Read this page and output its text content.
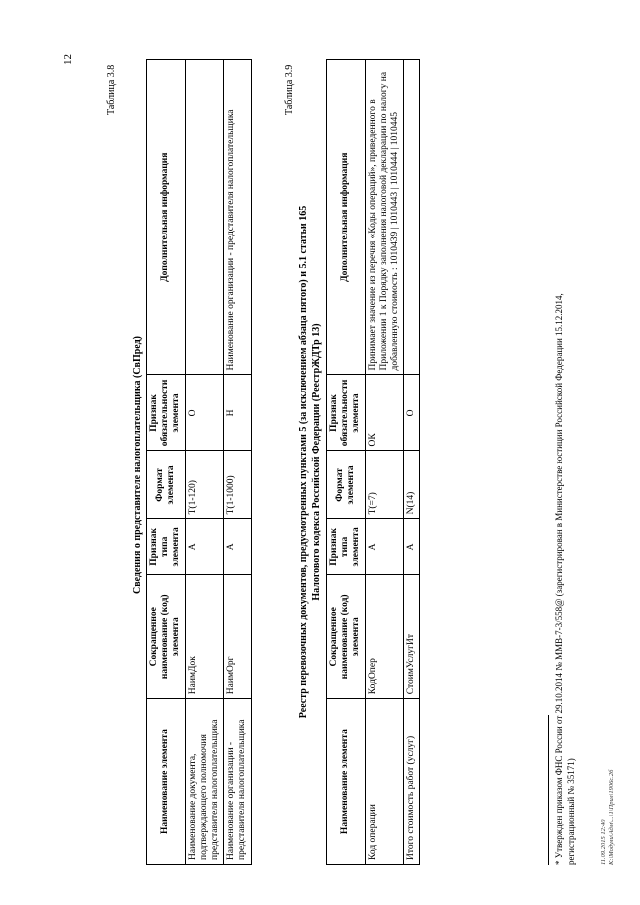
12
Таблица 3.8
Сведения о представителе налогоплательщика (СвПред)
Наименование элемента	Сокращенное наименование (код) элемента	Признак типа элемента	Формат элемента	Признак обязательности элемента	Дополнительная информация
Наименование документа, подтверждающего полномочия представителя налогоплательщика	НаимДок	А	T(1-120)	О	
Наименование организации - представителя налогоплательщика	НаимОрг	А	T(1-1000)	Н	Наименование организации - представителя налогоплательщика
Таблица 3.9
Реестр перевозочных документов, предусмотренных пунктами 5 (за исключением абзаца пятого) и 5.1 статьи 165 Налогового кодекса Российской Федерации (РеестрЖДТр 13)
Наименование элемента	Сокращенное наименование (код) элемента	Признак типа элемента	Формат элемента	Признак обязательности элемента	Дополнительная информация
Код операции	КодОпер	А	T(=7)	ОК	Принимает значение из перечня «Коды операций», приведенного в Приложении 1 к Порядку заполнения налоговой декларации по налогу на добавленную стоимость : 1010439 | 1010443 | 1010444 | 1010445
Итого стоимость работ (услуг)	СтоимУслугИт	А	N(14)	О	
* Утвержден приказом ФНС России от 29.10.2014 № ММВ-7-3/558@ (зарегистрирован в Министерстве юстиции Российской Федерации 15.12.2014, регистрационный № 35171)	11.09.2015 12:40 К:\Модули\Адм\...\1\Прил\1906с.2б
